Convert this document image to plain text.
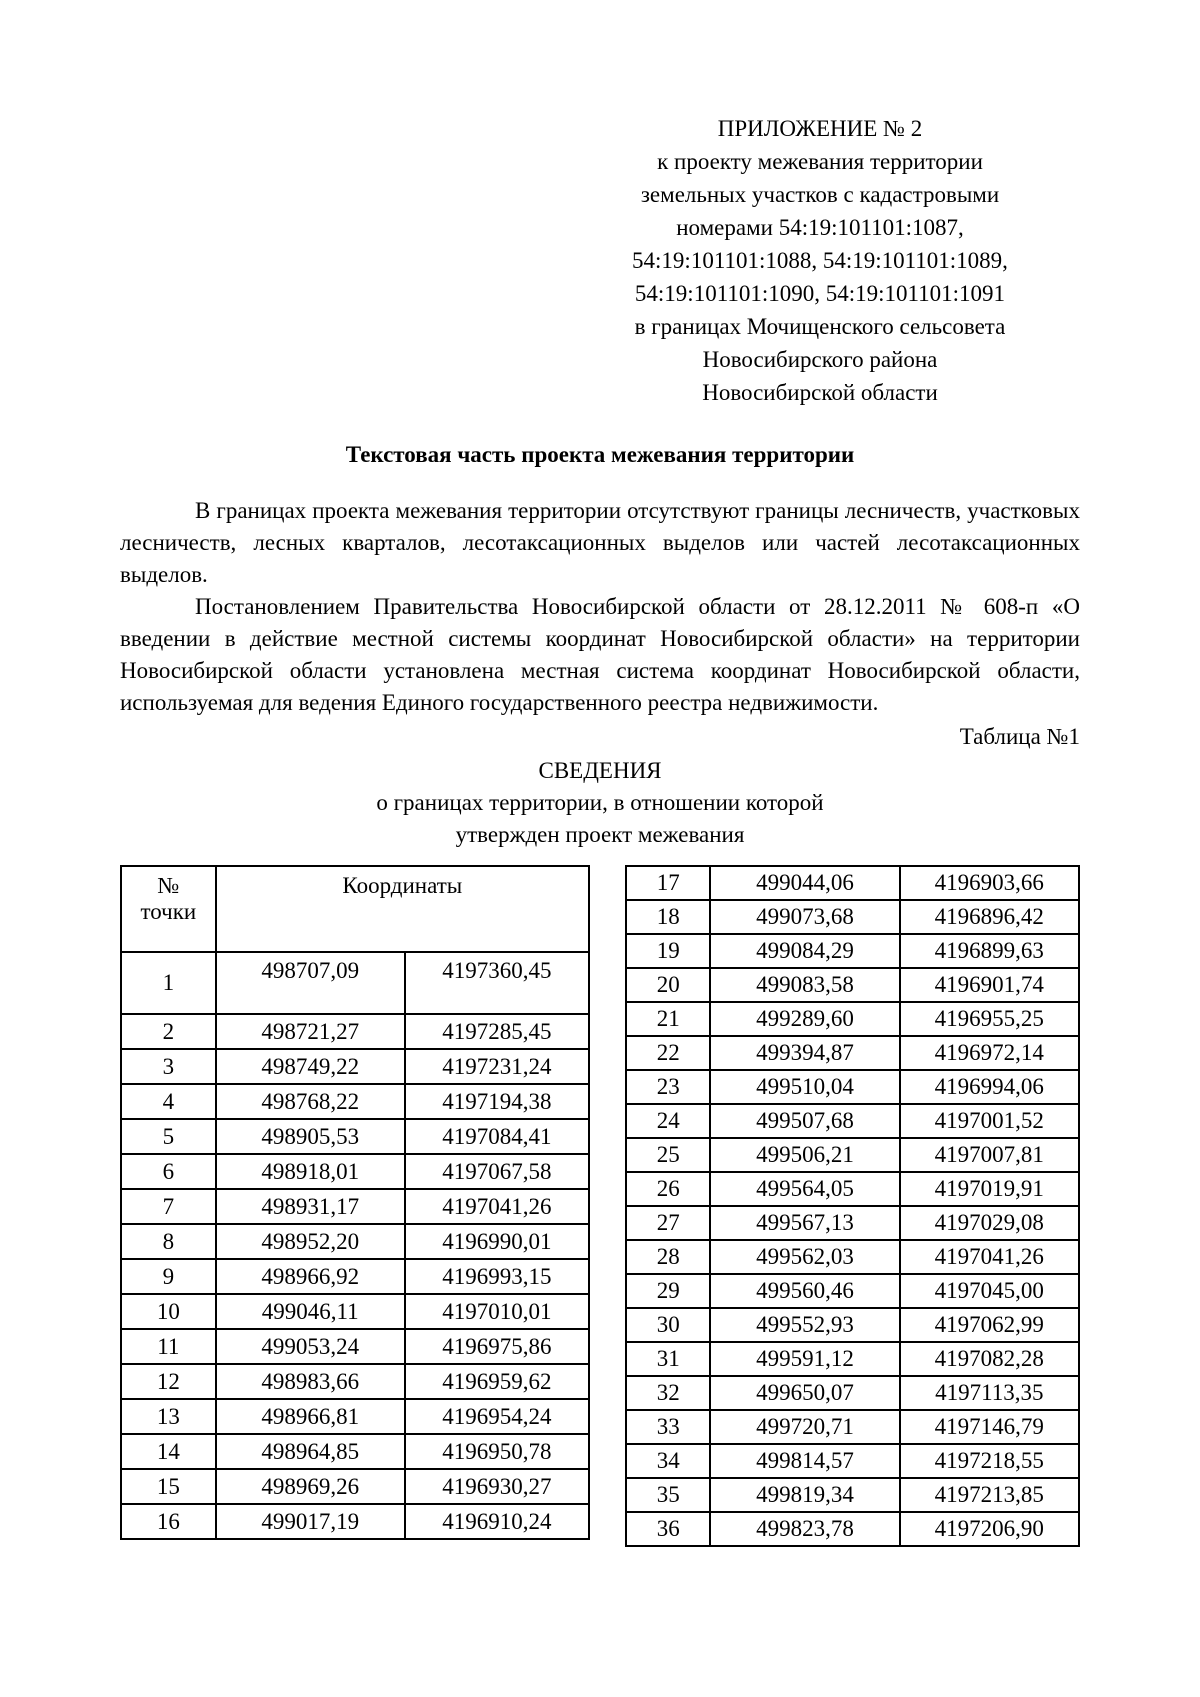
ПРИЛОЖЕНИЕ № 2
к проекту межевания территории
земельных участков с кадастровыми
номерами 54:19:101101:1087,
54:19:101101:1088, 54:19:101101:1089,
54:19:101101:1090, 54:19:101101:1091
в границах Мочищенского сельсовета
Новосибирского района
Новосибирской области
Текстовая часть проекта межевания территории

В границах проекта межевания территории отсутствуют границы лесничеств, участковых лесничеств, лесных кварталов, лесотаксационных выделов или частей лесотаксационных выделов.

Постановлением Правительства Новосибирской области от 28.12.2011 № 608-п «О введении в действие местной системы координат Новосибирской области» на территории Новосибирской области установлена местная система координат Новосибирской области, используемая для ведения Единого государственного реестра недвижимости.

Таблица №1
СВЕДЕНИЯ
о границах территории, в отношении которой
утвержден проект межевания
№ точки	Координаты	
1	498707,09	4197360,45
2	498721,27	4197285,45
3	498749,22	4197231,24
4	498768,22	4197194,38
5	498905,53	4197084,41
6	498918,01	4197067,58
7	498931,17	4197041,26
8	498952,20	4196990,01
9	498966,92	4196993,15
10	499046,11	4197010,01
11	499053,24	4196975,86
12	498983,66	4196959,62
13	498966,81	4196954,24
14	498964,85	4196950,78
15	498969,26	4196930,27
16	499017,19	4196910,24
17	499044,06	4196903,66
18	499073,68	4196896,42
19	499084,29	4196899,63
20	499083,58	4196901,74
21	499289,60	4196955,25
22	499394,87	4196972,14
23	499510,04	4196994,06
24	499507,68	4197001,52
25	499506,21	4197007,81
26	499564,05	4197019,91
27	499567,13	4197029,08
28	499562,03	4197041,26
29	499560,46	4197045,00
30	499552,93	4197062,99
31	499591,12	4197082,28
32	499650,07	4197113,35
33	499720,71	4197146,79
34	499814,57	4197218,55
35	499819,34	4197213,85
36	499823,78	4197206,90
